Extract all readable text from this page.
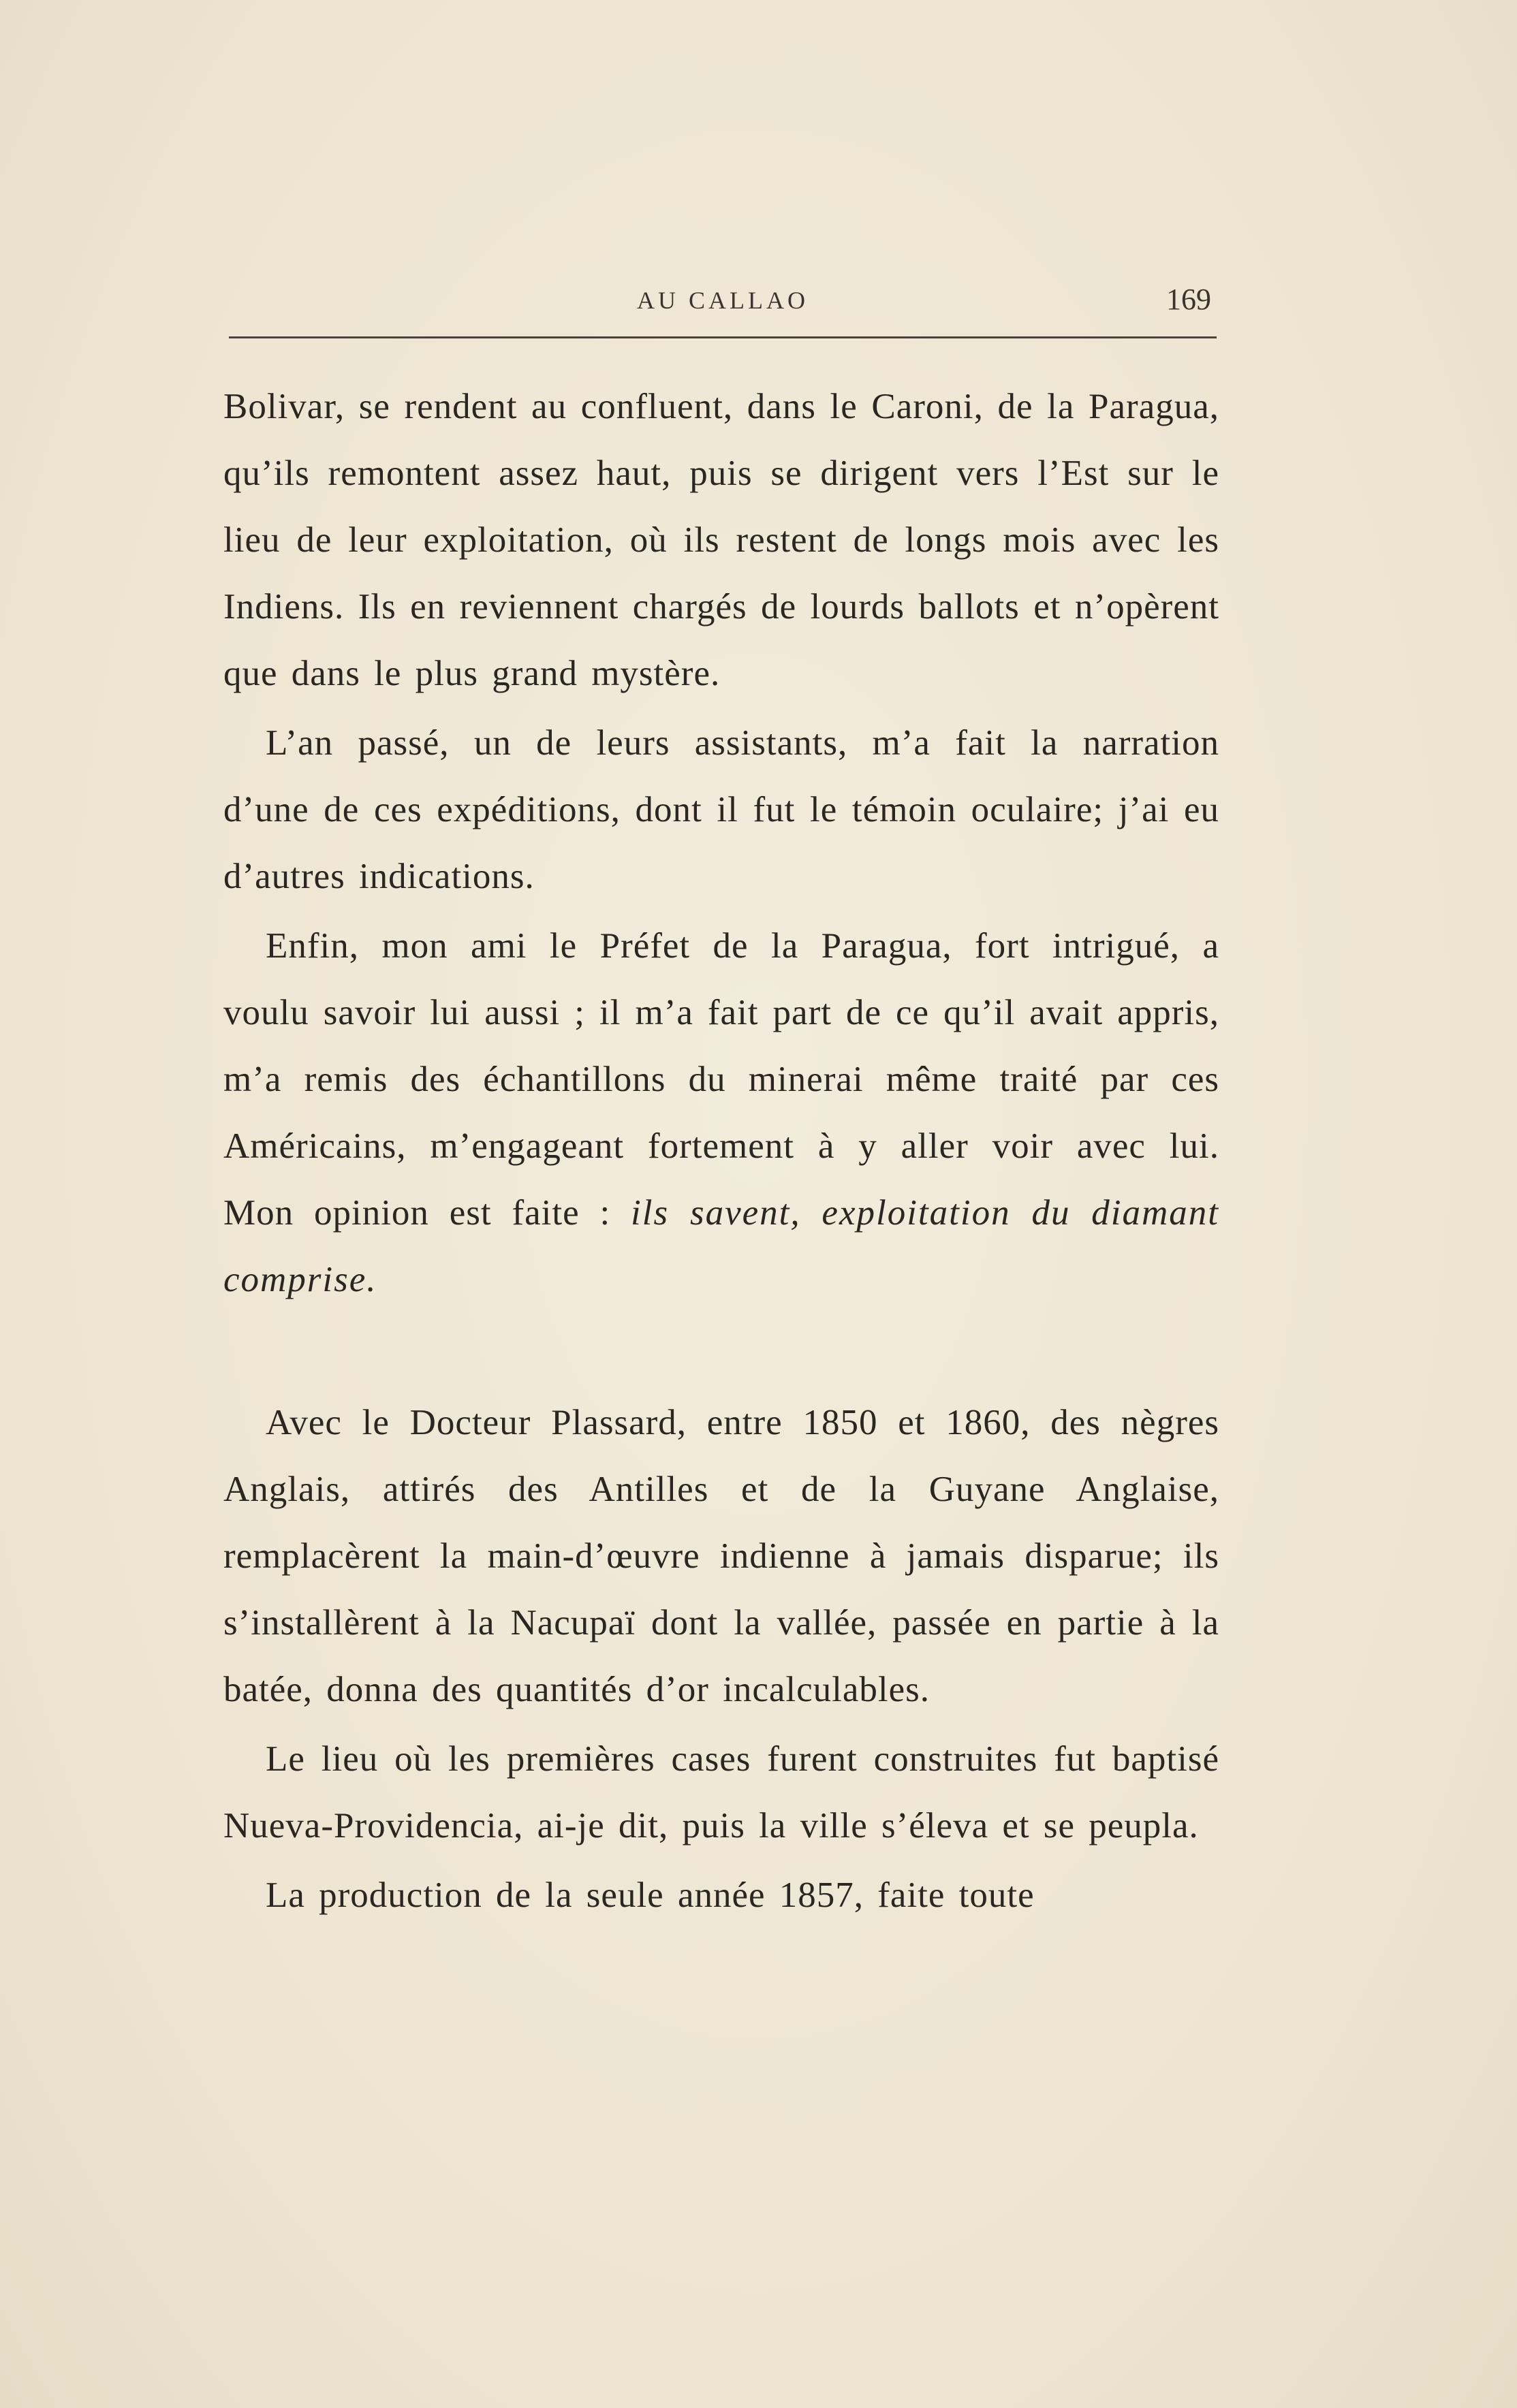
AU CALLAO	169

Bolivar, se rendent au confluent, dans le Caroni, de la Paragua, qu’ils remontent assez haut, puis se dirigent vers l’Est sur le lieu de leur exploitation, où ils restent de longs mois avec les Indiens. Ils en reviennent chargés de lourds ballots et n’opèrent que dans le plus grand mystère.

L’an passé, un de leurs assistants, m’a fait la narration d’une de ces expéditions, dont il fut le témoin oculaire; j’ai eu d’autres indications.

Enfin, mon ami le Préfet de la Paragua, fort intrigué, a voulu savoir lui aussi ; il m’a fait part de ce qu’il avait appris, m’a remis des échantillons du minerai même traité par ces Américains, m’engageant fortement à y aller voir avec lui. Mon opinion est faite : ils savent, exploitation du diamant comprise.

Avec le Docteur Plassard, entre 1850 et 1860, des nègres Anglais, attirés des Antilles et de la Guyane Anglaise, remplacèrent la main-d’œuvre indienne à jamais disparue; ils s’installèrent à la Nacupaï dont la vallée, passée en partie à la batée, donna des quantités d’or incalculables.

Le lieu où les premières cases furent construites fut baptisé Nueva-Providencia, ai-je dit, puis la ville s’éleva et se peupla.

La production de la seule année 1857, faite toute
